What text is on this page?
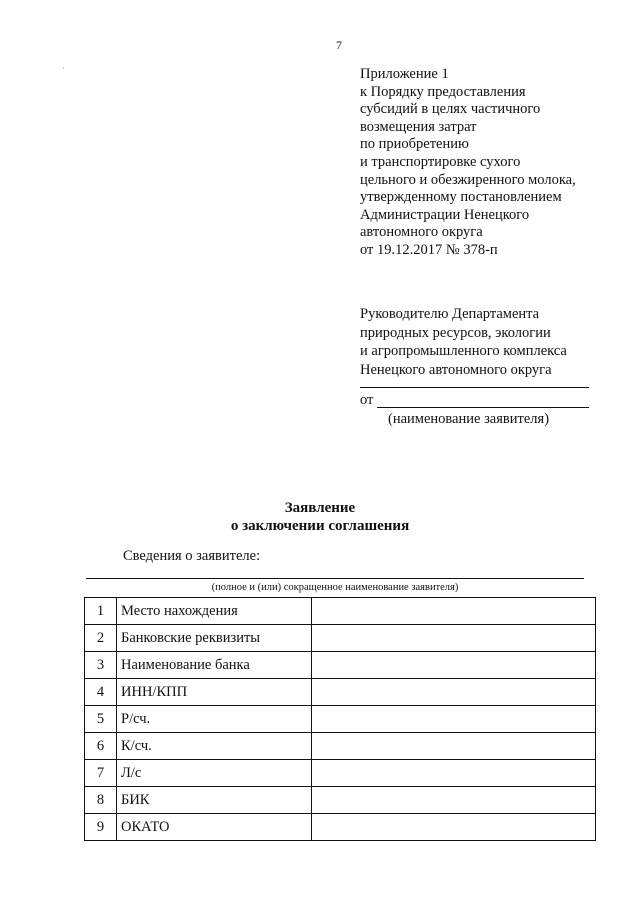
7
·	Приложение 1
к Порядку предоставления
субсидий в целях частичного
возмещения затрат
по приобретению
и транспортировке сухого
цельного и обезжиренного молока,
утвержденному постановлением
Администрации Ненецкого
автономного округа
от 19.12.2017 № 378-п
Руководителю Департамента
природных ресурсов, экологии
и агропромышленного комплекса
Ненецкого автономного округа
от
(наименование заявителя)
Заявление
о заключении соглашения
Сведения о заявителе:
(полное и (или) сокращенное наименование заявителя)
1	Место нахождения	
2	Банковские реквизиты	
3	Наименование банка	
4	ИНН/КПП	
5	Р/сч.	
6	К/сч.	
7	Л/с	
8	БИК	
9	ОКАТО	
